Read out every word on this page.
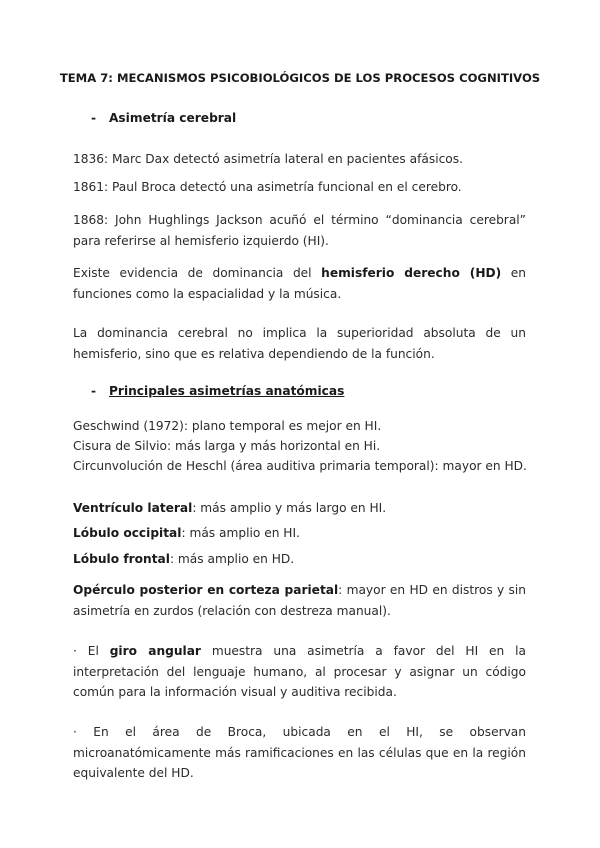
TEMA 7: MECANISMOS PSICOBIOLÓGICOS DE LOS PROCESOS COGNITIVOS

- Asimetría cerebral

1836: Marc Dax detectó asimetría lateral en pacientes afásicos.

1861: Paul Broca detectó una asimetría funcional en el cerebro.

1868: John Hughlings Jackson acuñó el término “dominancia cerebral” para referirse al hemisferio izquierdo (HI).

Existe evidencia de dominancia del hemisferio derecho (HD) en funciones como la espacialidad y la música.

La dominancia cerebral no implica la superioridad absoluta de un hemisferio, sino que es relativa dependiendo de la función.

- Principales asimetrías anatómicas

Geschwind (1972): plano temporal es mejor en HI.

Cisura de Silvio: más larga y más horizontal en Hi.

Circunvolución de Heschl (área auditiva primaria temporal): mayor en HD.

Ventrículo lateral: más amplio y más largo en HI.

Lóbulo occipital: más amplio en HI.

Lóbulo frontal: más amplio en HD.

Opérculo posterior en corteza parietal: mayor en HD en distros y sin asimetría en zurdos (relación con destreza manual).

· El giro angular muestra una asimetría a favor del HI en la interpretación del lenguaje humano, al procesar y asignar un código común para la información visual y auditiva recibida.

· En el área de Broca, ubicada en el HI, se observan microanatómicamente más ramificaciones en las células que en la región equivalente del HD.
